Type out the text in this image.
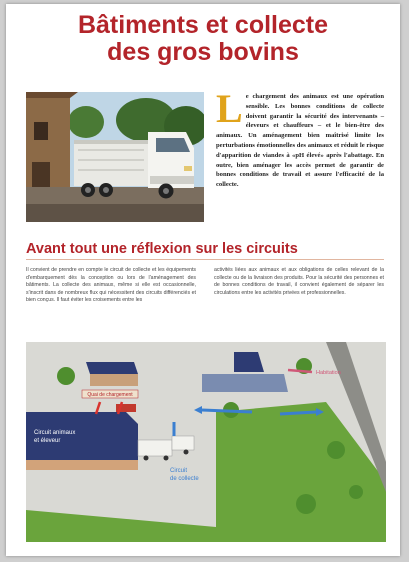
Bâtiments et collecte
des gros bovins

Le chargement des animaux est une opération sensible. Les bonnes conditions de collecte doivent garantir la sécurité des intervenants – éleveurs et chauffeurs – et le bien-être des animaux. Un aménagement bien maîtrisé limite les perturbations émotionnelles des animaux et réduit le risque d'apparition de viandes à «pH élevé» après l'abattage. En outre, bien aménager les accès permet de garantir de bonnes conditions de travail et assure l'efficacité de la collecte.

Avant tout une réflexion sur les circuits

Il convient de prendre en compte le circuit de collecte et les équipements d'embarquement dès la conception ou lors de l'aménagement des bâtiments. La collecte des animaux, même si elle est occasionnelle, s'inscrit dans de nombreux flux qui nécessitent des circuits différenciés et bien conçus. Il faut éviter les croisements entre les

activités liées aux animaux et aux obligations de celles relevant de la collecte ou de la livraison des produits. Pour la sécurité des personnes et de bonnes conditions de travail, il convient également de séparer les circulations entre les activités privées et professionnelles.

Quai de chargement
Circuit animaux
et éleveur
Circuit
de collecte
Habitation
